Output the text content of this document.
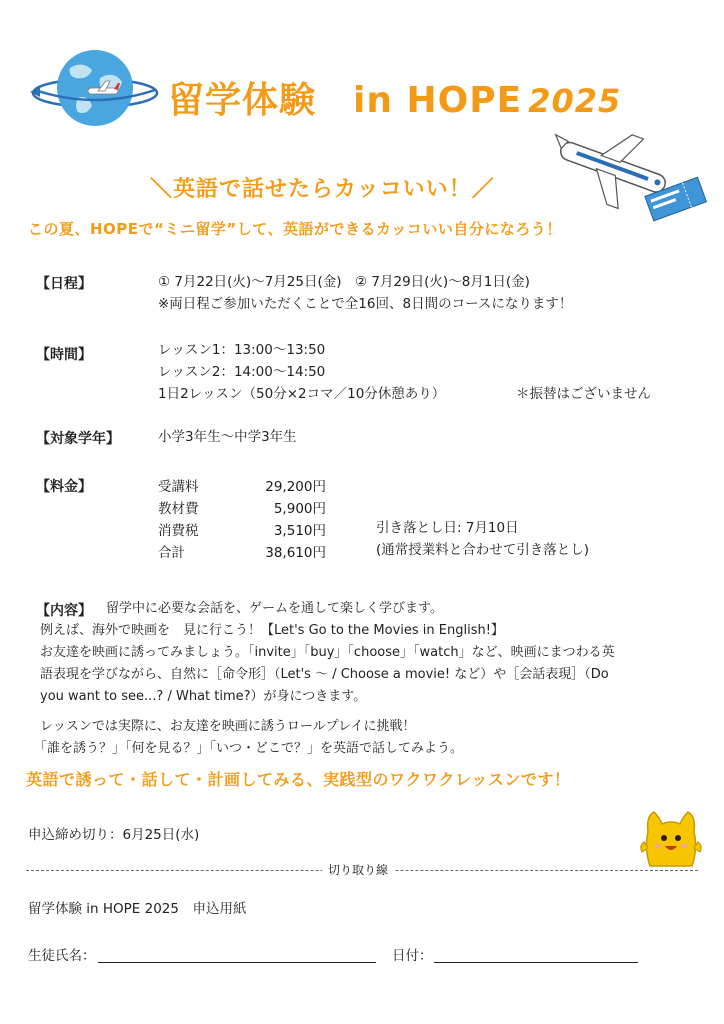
留学体験　in HOPE 2025
＼英語で話せたらカッコいい！／
この夏、HOPEで“ミニ留学”して、英語ができるカッコいい自分になろう！
【日程】	① 7月22日(火)〜7月25日(金)　② 7月29日(火)〜8月1日(金)
※両日程ご参加いただくことで全16回、8日間のコースになります！
【時間】	レッスン1：13:00〜13:50
レッスン2：14:00〜14:50
1日2レッスン（50分×2コマ／10分休憩あり）	＊振替はございません
【対象学年】	小学3年生〜中学3年生
【料金】	受講料	29,200円
教材費	5,900円
消費税	3,510円
合計	38,610円
引き落とし日: 7月10日
(通常授業料と合わせて引き落とし)
【内容】 留学中に必要な会話を、ゲームを通して楽しく学びます。
例えば、海外で映画を　見に行こう！【Let's Go to the Movies in English!】
お友達を映画に誘ってみましょう。「invite」「buy」「choose」「watch」など、映画にまつわる英
語表現を学びながら、自然に［命令形］（Let's 〜 / Choose a movie! など）や［会話表現］（Do
you want to see...? / What time?）が身につきます。
レッスンでは実際に、お友達を映画に誘うロールプレイに挑戦！
「誰を誘う？」「何を見る？」「いつ・どこで？」を英語で話してみよう。
英語で誘って・話して・計画してみる、実践型のワクワクレッスンです！
申込締め切り：6月25日(水)
切り取り線
留学体験 in HOPE 2025　申込用紙
生徒氏名：	日付：
